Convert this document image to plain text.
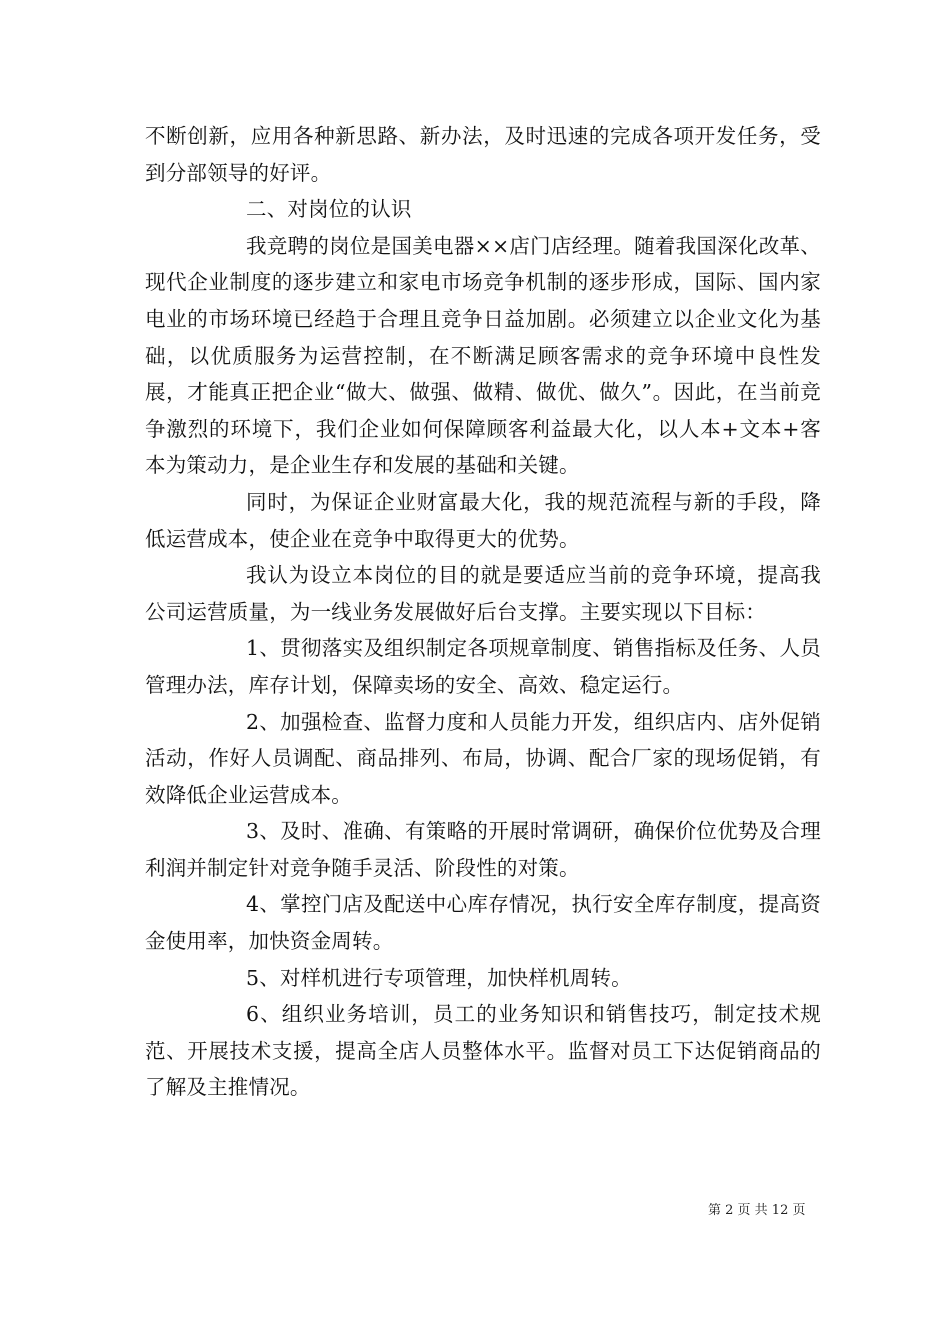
不断创新，应用各种新思路、新办法，及时迅速的完成各项开发任务，受到分部领导的好评。

二、对岗位的认识

我竞聘的岗位是国美电器××店门店经理。随着我国深化改革、现代企业制度的逐步建立和家电市场竞争机制的逐步形成，国际、国内家电业的市场环境已经趋于合理且竞争日益加剧。必须建立以企业文化为基础，以优质服务为运营控制，在不断满足顾客需求的竞争环境中良性发展，才能真正把企业“做大、做强、做精、做优、做久”。因此，在当前竞争激烈的环境下，我们企业如何保障顾客利益最大化，以人本+文本+客本为策动力，是企业生存和发展的基础和关键。

同时，为保证企业财富最大化，我的规范流程与新的手段，降低运营成本，使企业在竞争中取得更大的优势。

我认为设立本岗位的目的就是要适应当前的竞争环境，提高我公司运营质量，为一线业务发展做好后台支撑。主要实现以下目标：

1、贯彻落实及组织制定各项规章制度、销售指标及任务、人员管理办法，库存计划，保障卖场的安全、高效、稳定运行。

2、加强检查、监督力度和人员能力开发，组织店内、店外促销活动，作好人员调配、商品排列、布局，协调、配合厂家的现场促销，有效降低企业运营成本。

3、及时、准确、有策略的开展时常调研，确保价位优势及合理利润并制定针对竞争随手灵活、阶段性的对策。

4、掌控门店及配送中心库存情况，执行安全库存制度，提高资金使用率，加快资金周转。

5、对样机进行专项管理，加快样机周转。

6、组织业务培训，员工的业务知识和销售技巧，制定技术规范、开展技术支援，提高全店人员整体水平。监督对员工下达促销商品的了解及主推情况。

第 2 页 共 12 页
